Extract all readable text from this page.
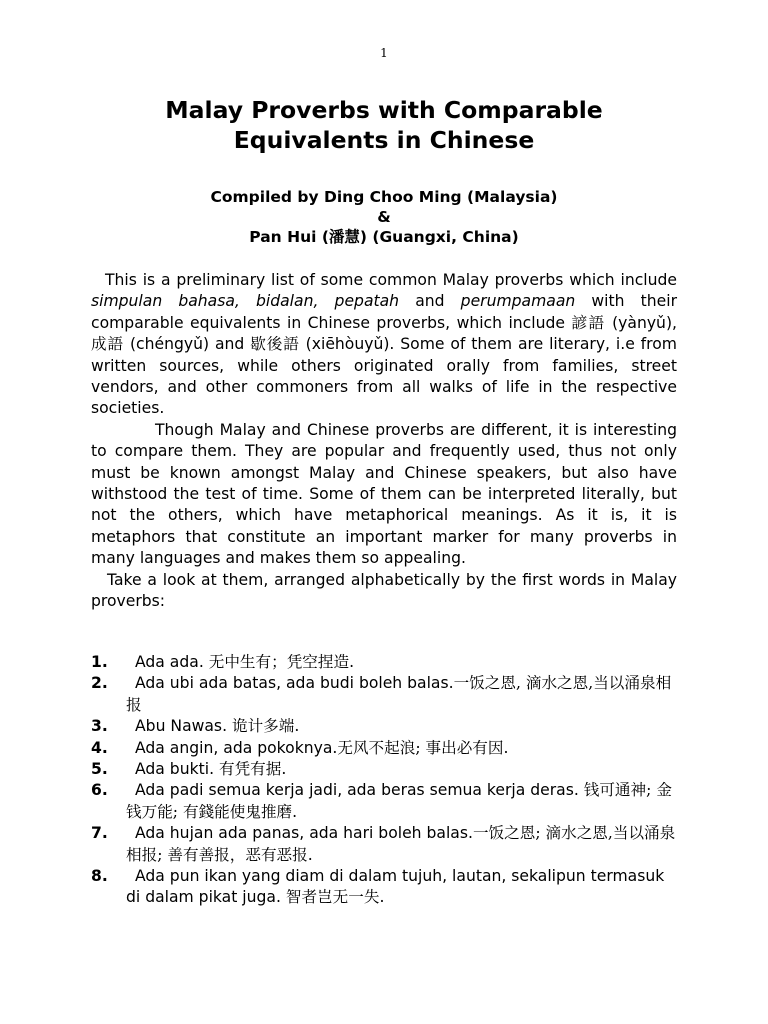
1
Malay Proverbs with Comparable
Equivalents in Chinese
Compiled by Ding Choo Ming (Malaysia)
&
Pan Hui (潘慧) (Guangxi, China)

This is a preliminary list of some common Malay proverbs which include simpulan bahasa, bidalan, pepatah and perumpamaan with their comparable equivalents in Chinese proverbs, which include 諺語 (yànyǔ), 成語 (chéngyǔ) and 歇後語 (xiēhòuyǔ). Some of them are literary, i.e from written sources, while others originated orally from families, street vendors, and other commoners from all walks of life in the respective societies.

Though Malay and Chinese proverbs are different, it is interesting to compare them. They are popular and frequently used, thus not only must be known amongst Malay and Chinese speakers, but also have withstood the test of time. Some of them can be interpreted literally, but not the others, which have metaphorical meanings. As it is, it is metaphors that constitute an important marker for many proverbs in many languages and makes them so appealing.

Take a look at them, arranged alphabetically by the first words in Malay proverbs:

1. Ada ada. 无中生有；凭空捏造.
2. Ada ubi ada batas, ada budi boleh balas.一饭之恩, 滴水之恩,当以涌泉相报
3. Abu Nawas. 诡计多端.
4. Ada angin, ada pokoknya.无风不起浪; 事出必有因.
5. Ada bukti. 有凭有据.
6. Ada padi semua kerja jadi, ada beras semua kerja deras. 钱可通神; 金钱万能; 有錢能使鬼推磨.
7. Ada hujan ada panas, ada hari boleh balas.一饭之恩; 滴水之恩,当以涌泉相报; 善有善报，恶有恶报.
8. Ada pun ikan yang diam di dalam tujuh, lautan, sekalipun termasuk di dalam pikat juga. 智者岂无一失.
